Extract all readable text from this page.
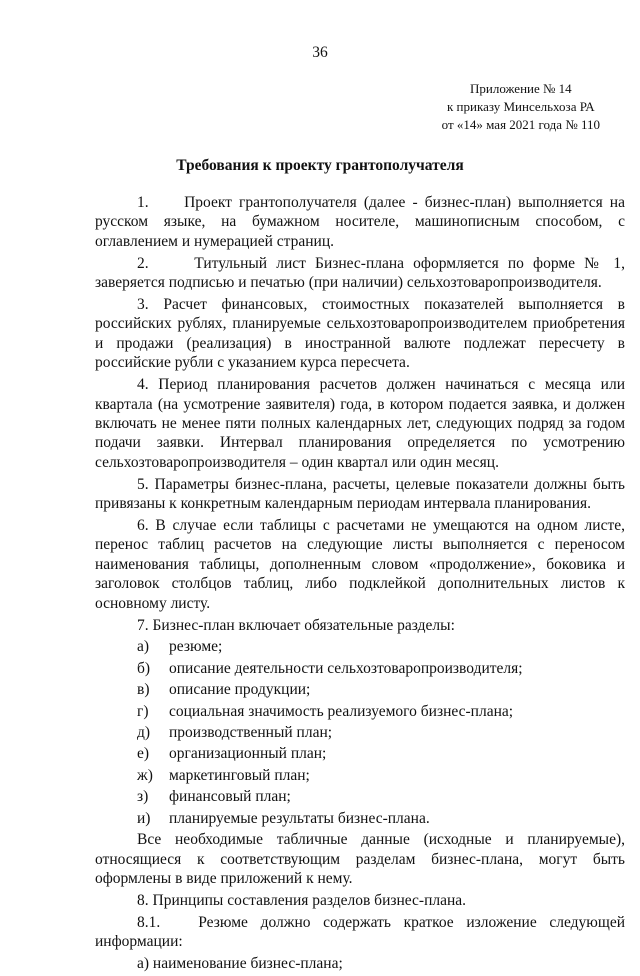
36
Приложение № 14
к приказу Минсельхоза РА
от «14» мая 2021 года № 110
Требования к проекту грантополучателя

1.     Проект грантополучателя (далее - бизнес-план) выполняется на русском языке, на бумажном носителе, машинописным способом, с оглавлением и нумерацией страниц.

2.     Титульный лист Бизнес-плана оформляется по форме № 1, заверяется подписью и печатью (при наличии) сельхозтоваропроизводителя.

3. Расчет финансовых, стоимостных показателей выполняется в российских рублях, планируемые сельхозтоваропроизводителем приобретения и продажи (реализация) в иностранной валюте подлежат пересчету в российские рубли с указанием курса пересчета.

4. Период планирования расчетов должен начинаться с месяца или квартала (на усмотрение заявителя) года, в котором подается заявка, и должен включать не менее пяти полных календарных лет, следующих подряд за годом подачи заявки. Интервал планирования определяется по усмотрению сельхозтоваропроизводителя – один квартал или один месяц.

5. Параметры бизнес-плана, расчеты, целевые показатели должны быть привязаны к конкретным календарным периодам интервала планирования.

6. В случае если таблицы с расчетами не умещаются на одном листе, перенос таблиц расчетов на следующие листы выполняется с переносом наименования таблицы, дополненным словом «продолжение», боковика и заголовок столбцов таблиц, либо подклейкой дополнительных листов к основному листу.

7. Бизнес-план включает обязательные разделы:

а) резюме;

б) описание деятельности сельхозтоваропроизводителя;

в) описание продукции;

г) социальная значимость реализуемого бизнес-плана;

д) производственный план;

е) организационный план;

ж) маркетинговый план;

з) финансовый план;

и) планируемые результаты бизнес-плана.

Все необходимые табличные данные (исходные и планируемые), относящиеся к соответствующим разделам бизнес-плана, могут быть оформлены в виде приложений к нему.

8. Принципы составления разделов бизнес-плана.

8.1.   Резюме должно содержать краткое изложение следующей информации:

а) наименование бизнес-плана;
